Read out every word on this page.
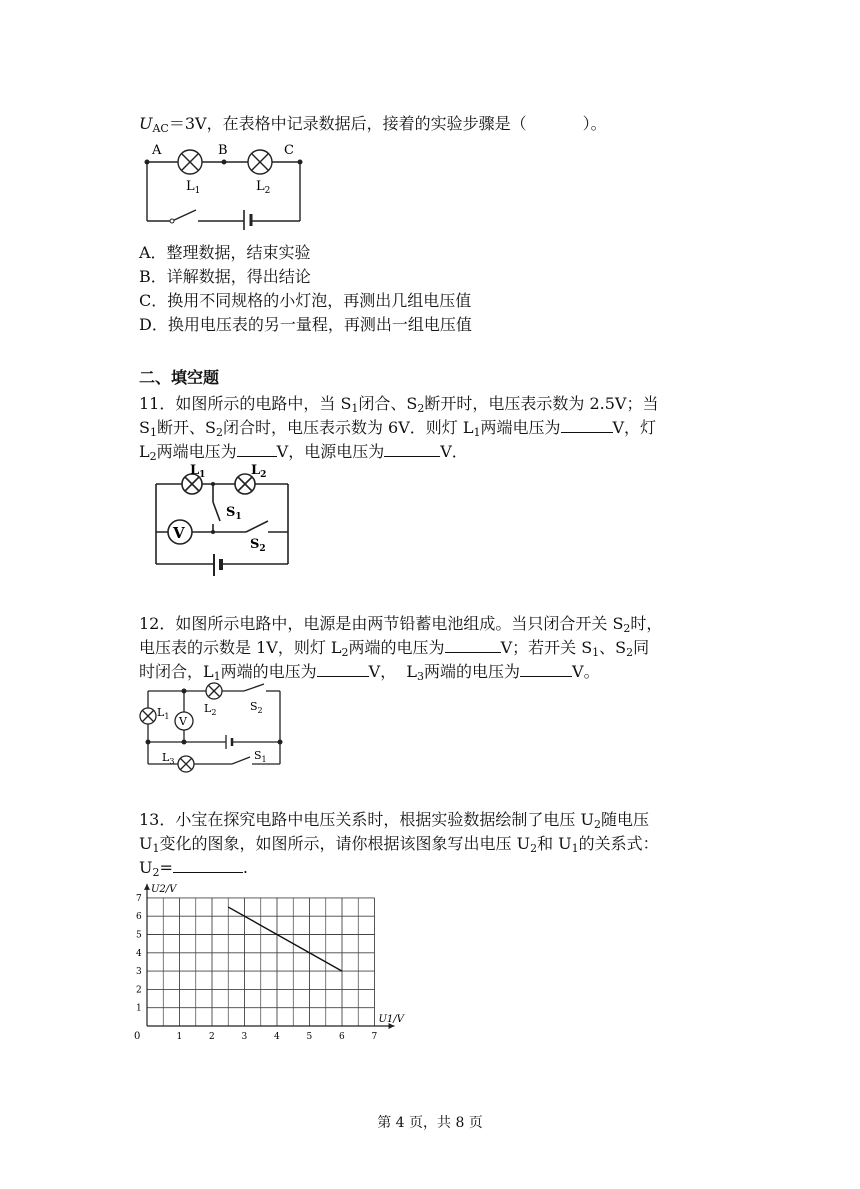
$U_{AC}=3V$，在表格中记录数据后，接着的实验步骤是（	）。
A	B	C
$L_1$	$L_2$
A．整理数据，结束实验
B．详解数据，得出结论
C．换用不同规格的小灯泡，再测出几组电压值
D．换用电压表的另一量程，再测出一组电压值
二、填空题
11．如图所示的电路中，当 $S_1$闭合、$S_2$断开时，电压表示数为 2.5V；当
$S_1$断开、$S_2$闭合时，电压表示数为 6V．则灯 $L_1$两端电压为	V，灯
$L_2$两端电压为	V，电源电压为	V．
V
$L_1$	$L_2$
$S_1$
$S_2$
12．如图所示电路中，电源是由两节铅蓄电池组成。当只闭合开关 $S_2$时，
电压表的示数是 1V，则灯 $L_2$两端的电压为	V；若开关 $S_1$、$S_2$同
时闭合，$L_1$两端的电压为	V，  $L_3$两端的电压为	V。
V
$L_1$
$L_2$
$L_3$
$S_2$
$S_1$
13．小宝在探究电路中电压关系时，根据实验数据绘制了电压 $U_2$随电压
$U_1$变化的图象，如图所示，请你根据该图象写出电压 $U_2$和 $U_1$的关系式：
$U_2=$	.
1	2	3	4	5	6	7
1
2
3
4
5
6
7
U2/V
U1/V
0
第 4 页，共 8 页
